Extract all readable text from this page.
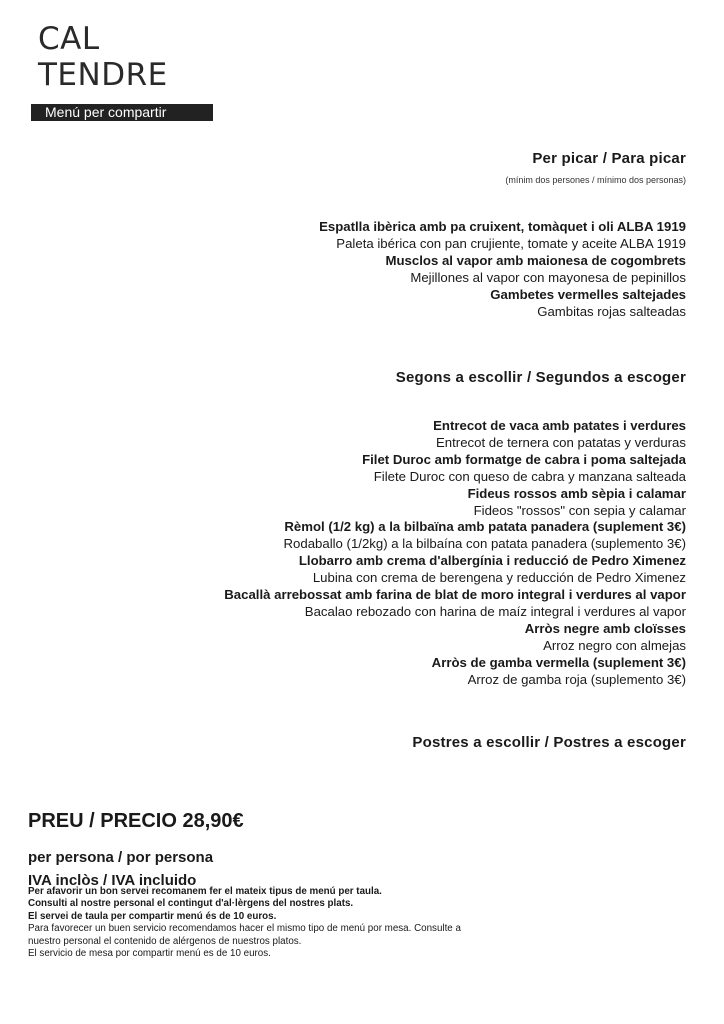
CAL
TENDRE
Menú per compartir
Per picar / Para picar
(mínim dos persones / mínimo dos personas)

Espatlla ibèrica amb pa cruixent, tomàquet i oli ALBA 1919

Paleta ibérica con pan crujiente, tomate y aceite ALBA 1919

Musclos al vapor amb maionesa de cogombrets

Mejillones al vapor con mayonesa de pepinillos

Gambetes vermelles saltejades

Gambitas rojas salteadas

Segons a escollir / Segundos a escoger

Entrecot de vaca amb patates i verdures

Entrecot de ternera con patatas y verduras

Filet Duroc amb formatge de cabra i poma saltejada

Filete Duroc con queso de cabra y manzana salteada

Fideus rossos amb sèpia i calamar

Fideos "rossos" con sepia y calamar

Rèmol (1/2 kg) a la bilbaïna amb patata panadera (suplement 3€)

Rodaballo (1/2kg) a la bilbaína con patata panadera (suplemento 3€)

Llobarro amb crema d'albergínia i reducció de Pedro Ximenez

Lubina con crema de berengena y reducción de Pedro Ximenez

Bacallà arrebossat amb farina de blat de moro integral i verdures al vapor

Bacalao rebozado con harina de maíz integral i verdures al vapor

Arròs negre amb cloïsses

Arroz negro con almejas

Arròs de gamba vermella (suplement 3€)

Arroz de gamba roja (suplemento 3€)

Postres a escollir / Postres a escoger

PREU / PRECIO 28,90€

per persona / por persona

IVA inclòs / IVA incluido

Per afavorir un bon servei recomanem fer el mateix tipus de menú per taula.

Consulti al nostre personal el contingut d'al·lèrgens del nostres plats.

El servei de taula per compartir menú és de 10 euros.

Para favorecer un buen servicio recomendamos hacer el mismo tipo de menú por mesa. Consulte a

nuestro personal el contenido de alérgenos de nuestros platos.

El servicio de mesa por compartir menú es de 10 euros.
